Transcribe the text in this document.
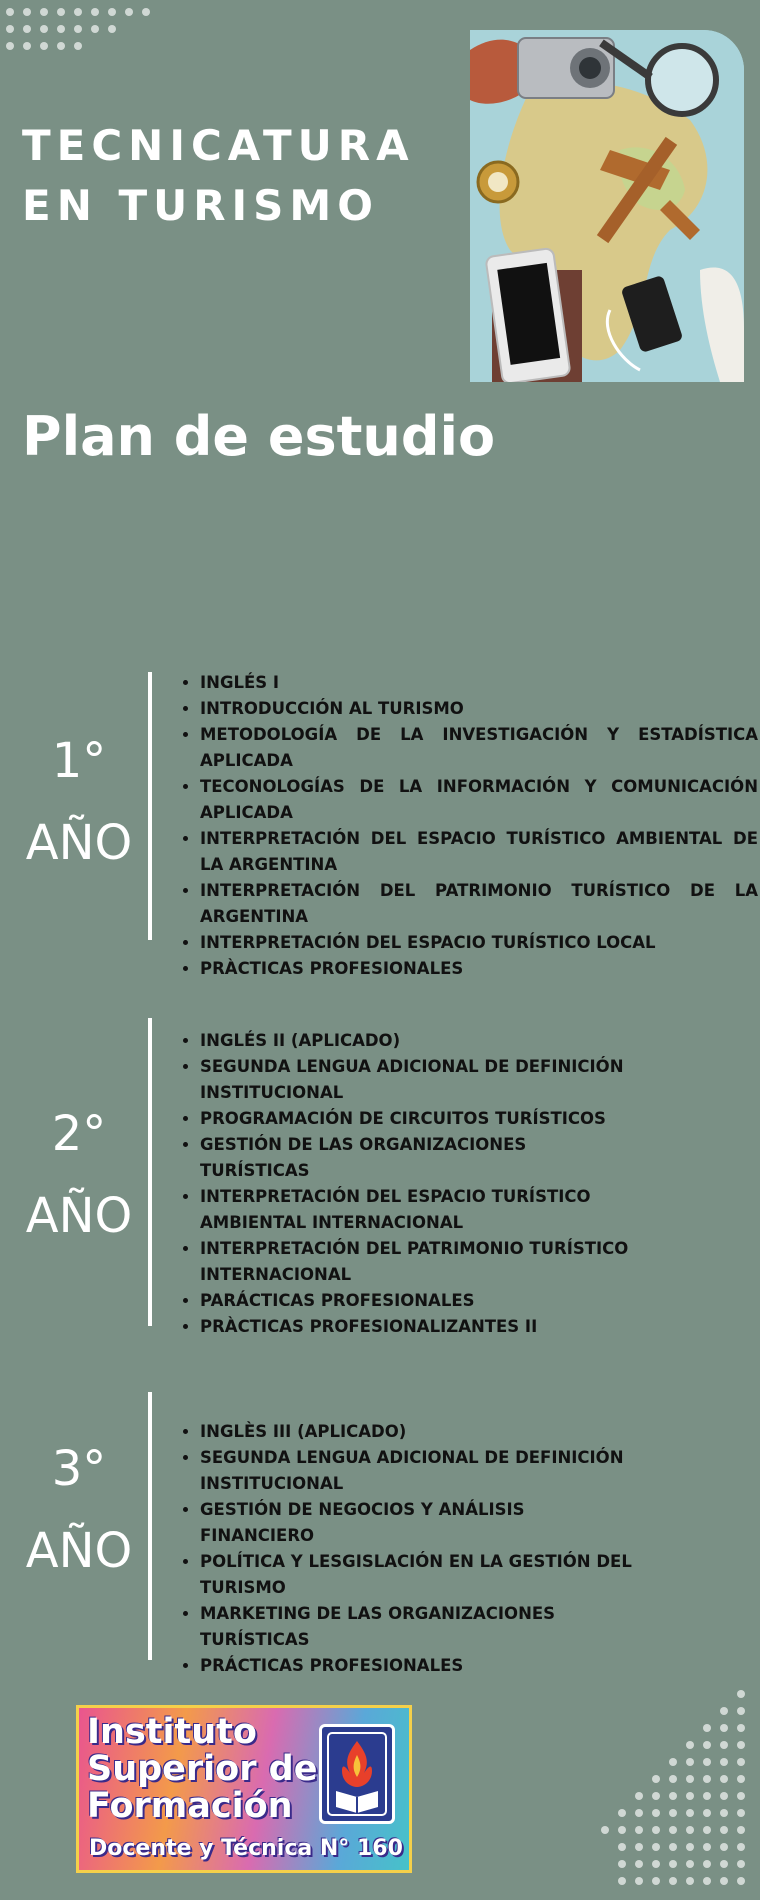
TECNICATURA
EN TURISMO
Plan de estudio
1°
AÑO
• INGLÉS I
• INTRODUCCIÓN AL TURISMO
• METODOLOGÍA DE LA INVESTIGACIÓN Y ESTADÍSTICA APLICADA
• TECONOLOGÍAS DE LA INFORMACIÓN Y COMUNICACIÓN APLICADA
• INTERPRETACIÓN DEL ESPACIO TURÍSTICO AMBIENTAL DE LA ARGENTINA
• INTERPRETACIÓN DEL PATRIMONIO TURÍSTICO DE LA ARGENTINA
• INTERPRETACIÓN DEL ESPACIO TURÍSTICO LOCAL
• PRÀCTICAS PROFESIONALES
2°
AÑO
• INGLÉS II (APLICADO)
• SEGUNDA LENGUA ADICIONAL DE DEFINICIÓN INSTITUCIONAL
• PROGRAMACIÓN DE CIRCUITOS TURÍSTICOS
• GESTIÓN DE LAS ORGANIZACIONES TURÍSTICAS
• INTERPRETACIÓN DEL ESPACIO TURÍSTICO AMBIENTAL INTERNACIONAL
• INTERPRETACIÓN DEL PATRIMONIO TURÍSTICO INTERNACIONAL
• PARÁCTICAS PROFESIONALES
• PRÀCTICAS PROFESIONALIZANTES II
3°
AÑO
• INGLÈS III (APLICADO)
• SEGUNDA LENGUA ADICIONAL DE DEFINICIÓN INSTITUCIONAL
• GESTIÓN DE NEGOCIOS Y ANÁLISIS FINANCIERO
• POLÍTICA Y LESGISLACIÓN EN LA GESTIÓN DEL TURISMO
• MARKETING DE LAS ORGANIZACIONES TURÍSTICAS
• PRÁCTICAS PROFESIONALES
Instituto
Superior de
Formación
Docente y Técnica N° 160
